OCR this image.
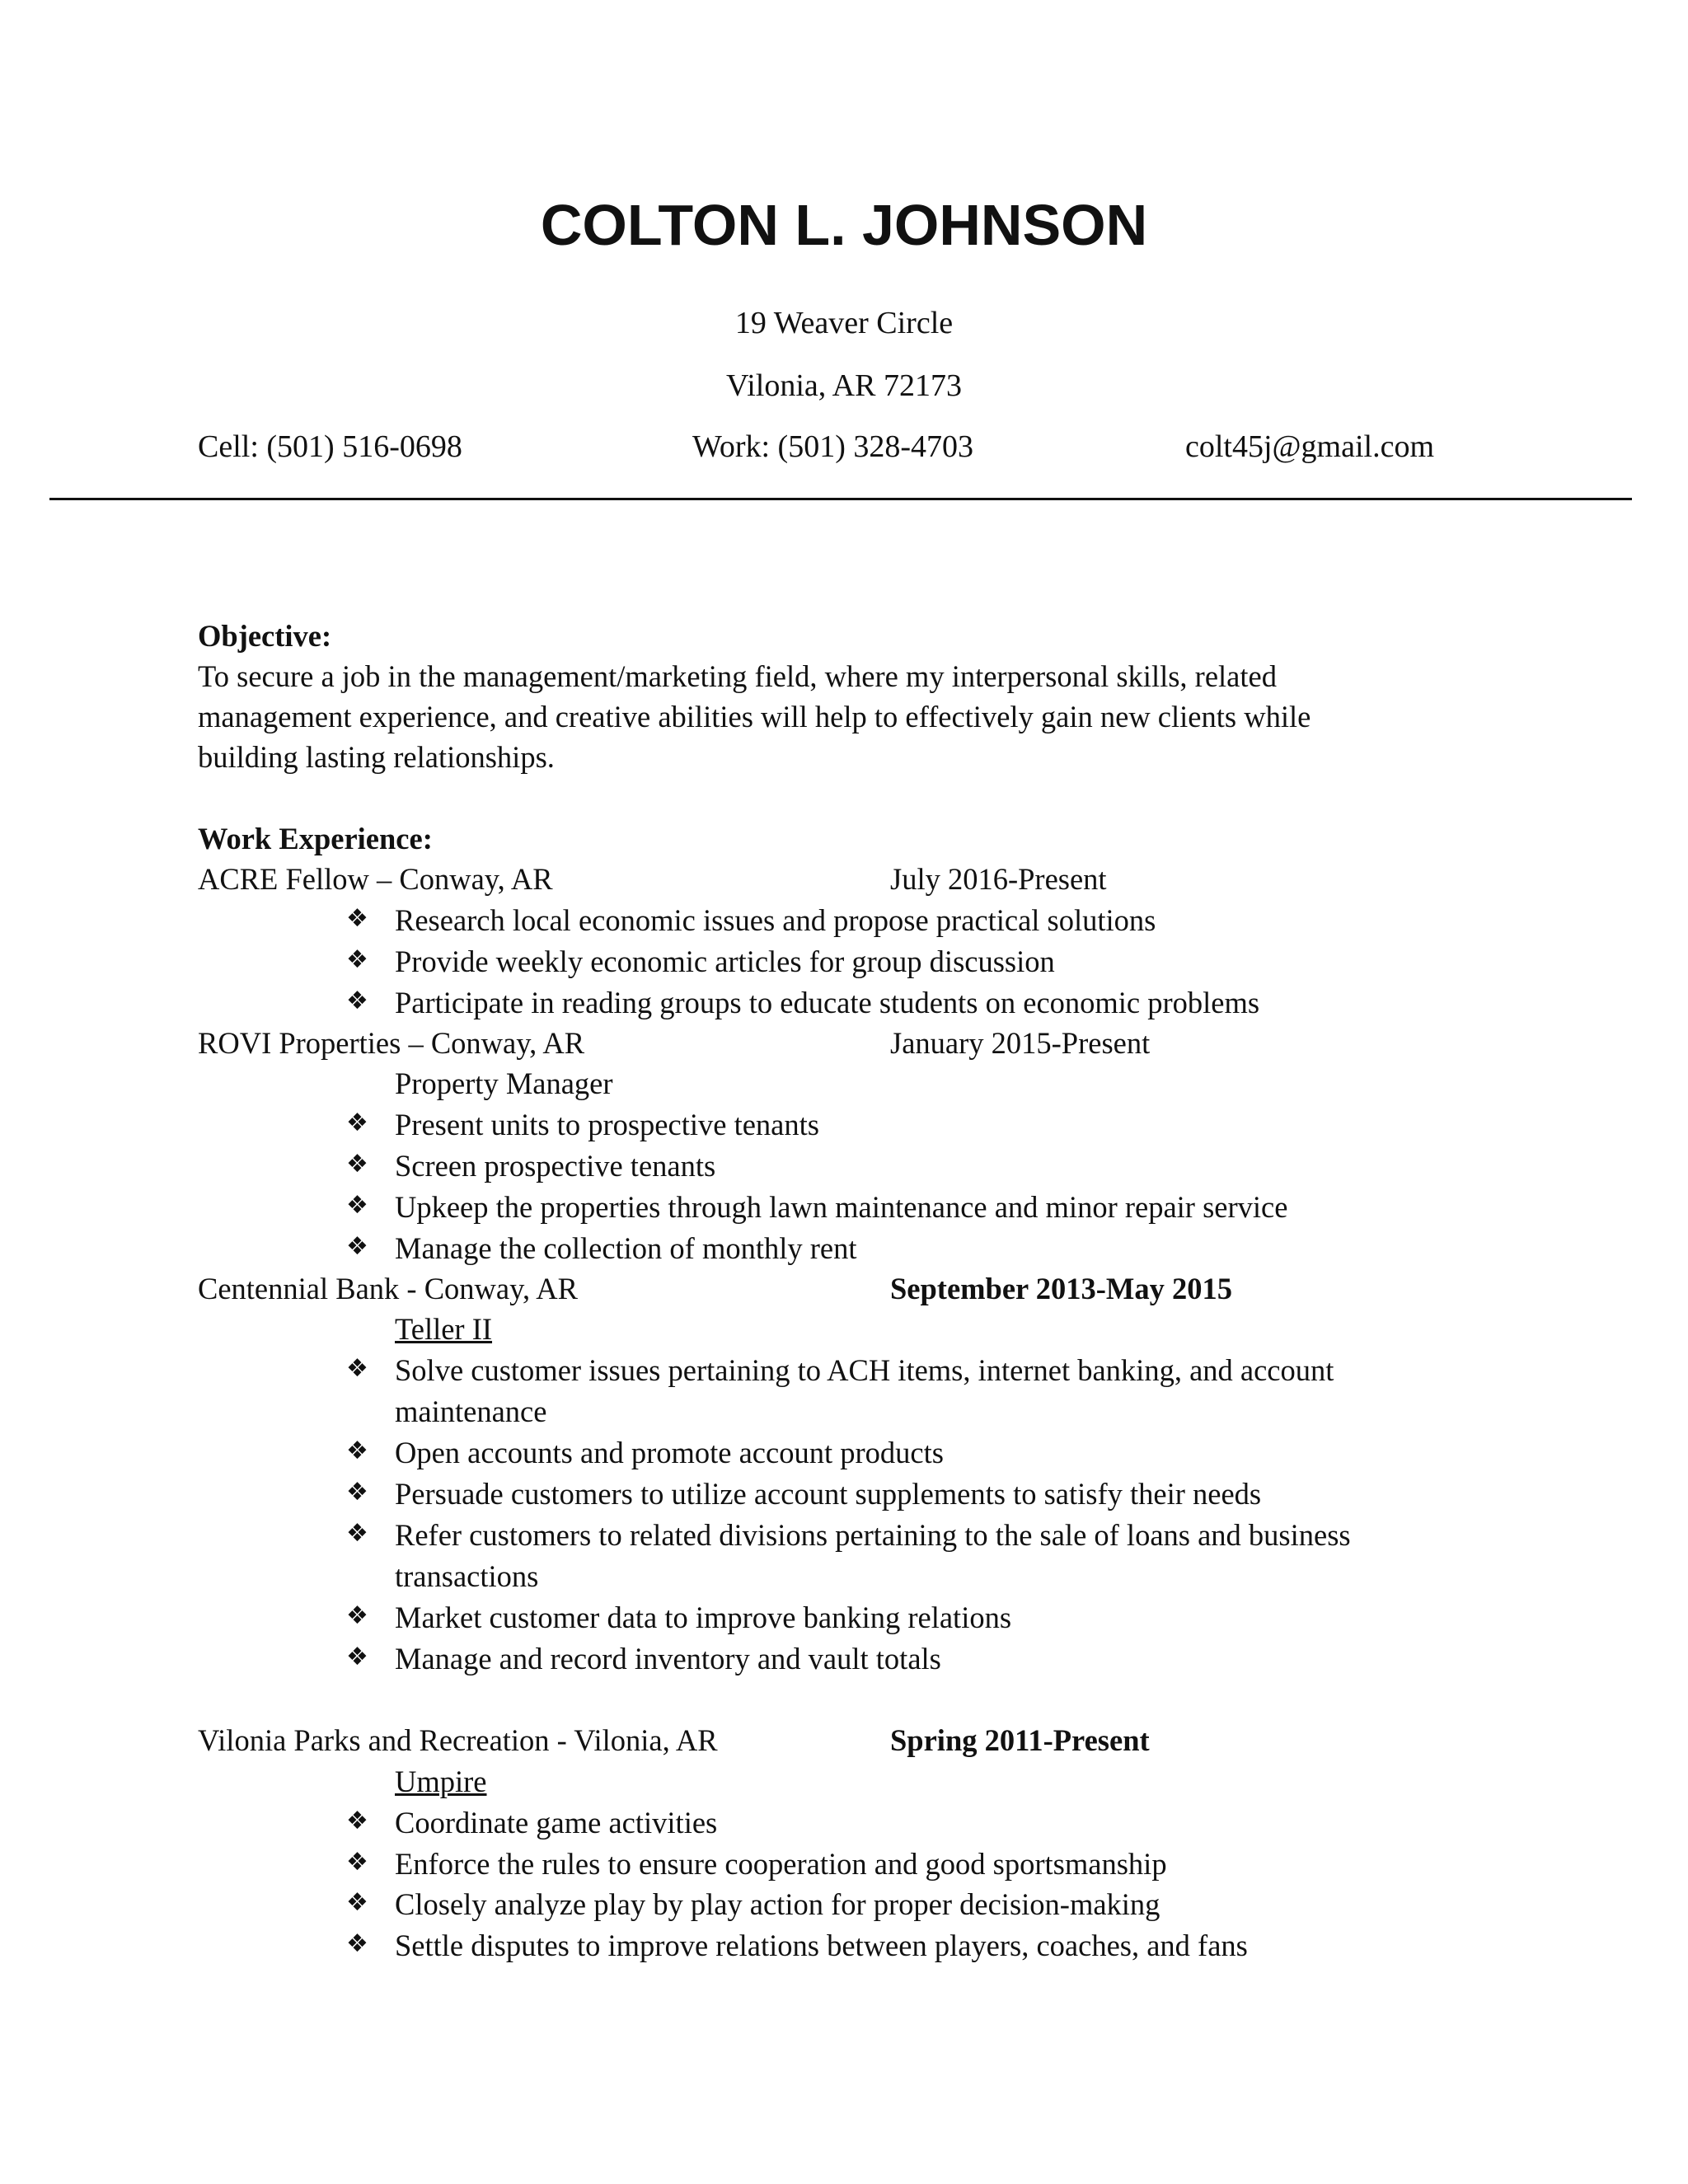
COLTON L. JOHNSON
19 Weaver Circle
Vilonia, AR 72173
Cell: (501) 516-0698	Work: (501) 328-4703	colt45j@gmail.com
Objective:
To secure a job in the management/marketing field, where my interpersonal skills, related
management experience, and creative abilities will help to effectively gain new clients while
building lasting relationships.
Work Experience:
ACRE Fellow – Conway, AR	July 2016-Present
❖ Research local economic issues and propose practical solutions
❖ Provide weekly economic articles for group discussion
❖ Participate in reading groups to educate students on economic problems
ROVI Properties – Conway, AR	January 2015-Present
Property Manager
❖ Present units to prospective tenants
❖ Screen prospective tenants
❖ Upkeep the properties through lawn maintenance and minor repair service
❖ Manage the collection of monthly rent
Centennial Bank - Conway, AR	September 2013-May 2015
Teller II
❖ Solve customer issues pertaining to ACH items, internet banking, and account
maintenance
❖ Open accounts and promote account products
❖ Persuade customers to utilize account supplements to satisfy their needs
❖ Refer customers to related divisions pertaining to the sale of loans and business
transactions
❖ Market customer data to improve banking relations
❖ Manage and record inventory and vault totals
Vilonia Parks and Recreation - Vilonia, AR	Spring 2011-Present
Umpire
❖ Coordinate game activities
❖ Enforce the rules to ensure cooperation and good sportsmanship
❖ Closely analyze play by play action for proper decision-making
❖ Settle disputes to improve relations between players, coaches, and fans
